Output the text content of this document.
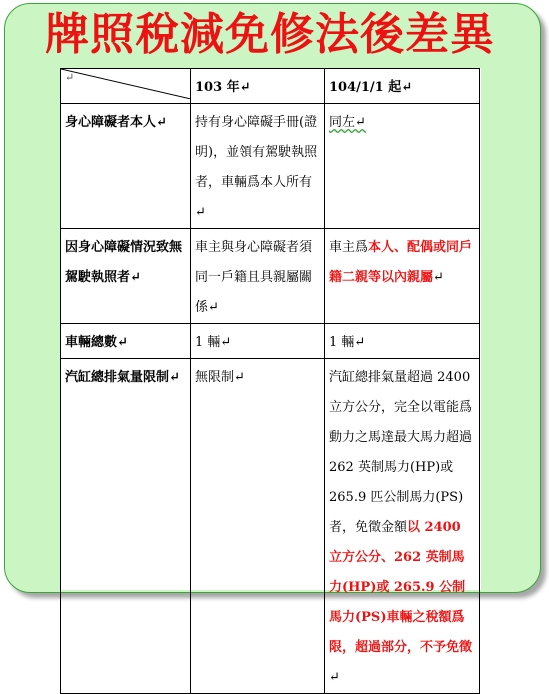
牌照稅減免修法後差異
↵	103 年↵	104/1/1 起↵
身心障礙者本人↵	持有身心障礙手冊(證明)，並領有駕駛執照者，車輛爲本人所有↵	同左↵
因身心障礙情況致無駕駛執照者↵	車主與身心障礙者須同一戶籍且具親屬關係↵	車主爲本人、配偶或同戶籍二親等以內親屬↵
車輛總數↵	1 輛↵	1 輛↵
汽缸總排氣量限制↵	無限制↵	汽缸總排氣量超過 2400 立方公分，完全以電能爲動力之馬達最大馬力超過 262 英制馬力(HP)或 265.9 匹公制馬力(PS)者，免徵金額以 2400 立方公分、262 英制馬力(HP)或 265.9 公制馬力(PS)車輛之稅額爲限，超過部分，不予免徵↵
